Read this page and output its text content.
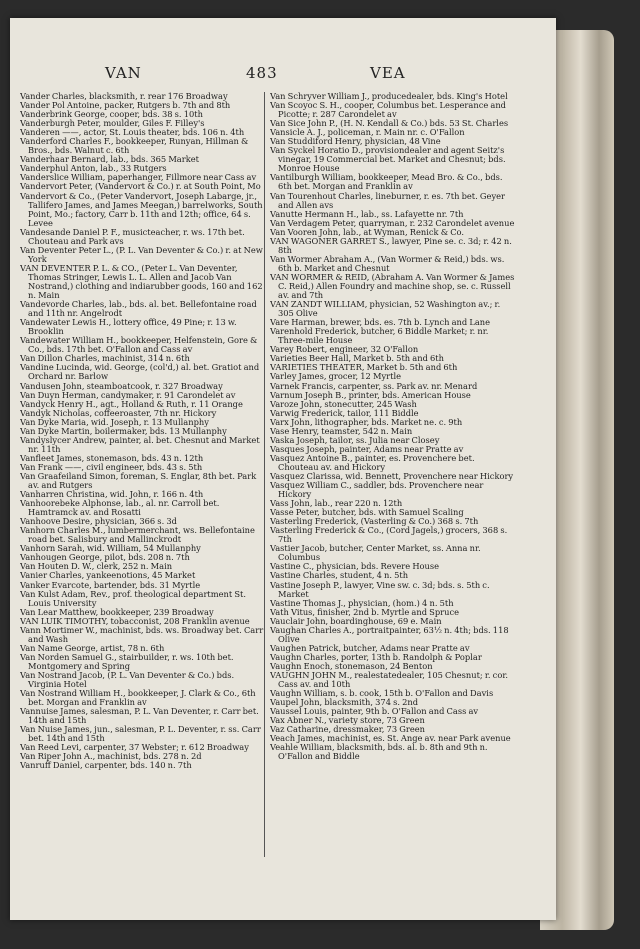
VAN	483	VEA
Vander Charles, blacksmith, r. rear 176 Broadway
Vander Pol Antoine, packer, Rutgers b. 7th and 8th
Vanderbrink George, cooper, bds. 38 s. 10th
Vanderburgh Peter, moulder, Giles F. Filley's
Vanderen ——, actor, St. Louis theater, bds. 106 n. 4th
Vanderford Charles F., bookkeeper, Runyan, Hillman & Bros., bds. Walnut c. 6th
Vanderhaar Bernard, lab., bds. 365 Market
Vanderphul Anton, lab., 33 Rutgers
Vanderslice William, paperhanger, Fillmore near Cass av
Vandervort Peter, (Vandervort & Co.) r. at South Point, Mo
Vandervort & Co., (Peter Vandervort, Joseph Labarge, jr., Tallifero James, and James Meegan,) barrelworks, South Point, Mo.; factory, Carr b. 11th and 12th; office, 64 s. Levee
Vandesande Daniel P. F., musicteacher, r. ws. 17th bet. Chouteau and Park avs
Van Deventer Peter L., (P. L. Van Deventer & Co.) r. at New York
VAN DEVENTER P. L. & CO., (Peter L. Van Deventer, Thomas Stringer, Lewis L. L. Allen and Jacob Van Nostrand,) clothing and indiarubber goods, 160 and 162 n. Main
Vandevorde Charles, lab., bds. al. bet. Bellefontaine road and 11th nr. Angelrodt
Vandewater Lewis H., lottery office, 49 Pine; r. 13 w. Brooklin
Vandewater William H., bookkeeper, Helfenstein, Gore & Co., bds. 17th bet. O'Fallon and Cass av
Van Dillon Charles, machinist, 314 n. 6th
Vandine Lucinda, wid. George, (col'd,) al. bet. Gratiot and Orchard nr. Barlow
Vandusen John, steamboatcook, r. 327 Broadway
Van Duyn Herman, candymaker, r. 91 Carondelet av
Vandyck Henry H., agt., Holland & Ruth, r. 11 Orange
Vandyk Nicholas, coffeeroaster, 7th nr. Hickory
Van Dyke Maria, wid. Joseph, r. 13 Mullanphy
Van Dyke Martin, boilermaker, bds. 13 Mullanphy
Vandyslycer Andrew, painter, al. bet. Chesnut and Market nr. 11th
Vanfleet James, stonemason, bds. 43 n. 12th
Van Frank ——, civil engineer, bds. 43 s. 5th
Van Graafeiland Simon, foreman, S. Englar, 8th bet. Park av. and Rutgers
Vanharren Christina, wid. John, r. 166 n. 4th
Vanhoorebeke Alphonse, lab., al. nr. Carroll bet. Hamtramck av. and Rosatti
Vanhoove Desire, physician, 366 s. 3d
Vanhorn Charles M., lumbermerchant, ws. Bellefontaine road bet. Salisbury and Mallinckrodt
Vanhorn Sarah, wid. William, 54 Mullanphy
Vanhougen George, pilot, bds. 208 n. 7th
Van Houten D. W., clerk, 252 n. Main
Vanier Charles, yankeenotions, 45 Market
Vanker Evarcote, bartender, bds. 31 Myrtle
Van Kulst Adam, Rev., prof. theological department St. Louis University
Van Lear Matthew, bookkeeper, 239 Broadway
VAN LUIK TIMOTHY, tobacconist, 208 Franklin avenue
Vann Mortimer W., machinist, bds. ws. Broadway bet. Carr and Wash
Van Name George, artist, 78 n. 6th
Van Norden Samuel G., stairbuilder, r. ws. 10th bet. Montgomery and Spring
Van Nostrand Jacob, (P. L. Van Deventer & Co.) bds. Virginia Hotel
Van Nostrand William H., bookkeeper, J. Clark & Co., 6th bet. Morgan and Franklin av
Vannuise James, salesman, P. L. Van Deventer, r. Carr bet. 14th and 15th
Van Nuise James, jun., salesman, P. L. Deventer, r. ss. Carr bet. 14th and 15th
Van Reed Levi, carpenter, 37 Webster; r. 612 Broadway
Van Riper John A., machinist, bds. 278 n. 2d
Vanruff Daniel, carpenter, bds. 140 n. 7th
Van Schryver William J., producedealer, bds. King's Hotel
Van Scoyoc S. H., cooper, Columbus bet. Lesperance and Picotte; r. 287 Carondelet av
Van Sice John P., (H. N. Kendall & Co.) bds. 53 St. Charles
Vansicle A. J., policeman, r. Main nr. c. O'Fallon
Van Studdiford Henry, physician, 48 Vine
Van Syckel Horatio D., provisiondealer and agent Seitz's vinegar, 19 Commercial bet. Market and Chesnut; bds. Monroe House
Vantilburgh William, bookkeeper, Mead Bro. & Co., bds. 6th bet. Morgan and Franklin av
Van Tourenhout Charles, lineburner, r. es. 7th bet. Geyer and Allen avs
Vanutte Hermann H., lab., ss. Lafayette nr. 7th
Van Verdagem Peter, quarryman, r. 232 Carondelet avenue
Van Vooren John, lab., at Wyman, Renick & Co.
VAN WAGONER GARRET S., lawyer, Pine se. c. 3d; r. 42 n. 8th
Van Wormer Abraham A., (Van Wormer & Reid,) bds. ws. 6th b. Market and Chesnut
VAN WORMER & REID, (Abraham A. Van Wormer & James C. Reid,) Allen Foundry and machine shop, se. c. Russell av. and 7th
VAN ZANDT WILLIAM, physician, 52 Washington av.; r. 305 Olive
Vare Harman, brewer, bds. es. 7th b. Lynch and Lane
Varenhold Frederick, butcher, 6 Biddle Market; r. nr. Three-mile House
Varey Robert, engineer, 32 O'Fallon
Varieties Beer Hall, Market b. 5th and 6th
VARIETIES THEATER, Market b. 5th and 6th
Varley James, grocer, 12 Myrtle
Varnek Francis, carpenter, ss. Park av. nr. Menard
Varnum Joseph B., printer, bds. American House
Varoze John, stonecutter, 245 Wash
Varwig Frederick, tailor, 111 Biddle
Varx John, lithographer, bds. Market ne. c. 9th
Vase Henry, teamster, 542 n. Main
Vaska Joseph, tailor, ss. Julia near Closey
Vasques Joseph, painter, Adams near Pratte av
Vasquez Antoine B., painter, es. Provenchere bet. Chouteau av. and Hickory
Vasquez Clarissa, wid. Bennett, Provenchere near Hickory
Vasquez William C., saddler, bds. Provenchere near Hickory
Vass John, lab., rear 220 n. 12th
Vasse Peter, butcher, bds. with Samuel Scaling
Vasterling Frederick, (Vasterling & Co.) 368 s. 7th
Vasterling Frederick & Co., (Cord Jagels,) grocers, 368 s. 7th
Vastier Jacob, butcher, Center Market, ss. Anna nr. Columbus
Vastine C., physician, bds. Revere House
Vastine Charles, student, 4 n. 5th
Vastine Joseph P., lawyer, Vine sw. c. 3d; bds. s. 5th c. Market
Vastine Thomas J., physician, (hom.) 4 n. 5th
Vath Vitus, finisher, 2nd b. Myrtle and Spruce
Vauclair John, boardinghouse, 69 e. Main
Vaughan Charles A., portraitpainter, 63½ n. 4th; bds. 118 Olive
Vaughen Patrick, butcher, Adams near Pratte av
Vaughn Charles, porter, 13th b. Randolph & Poplar
Vaughn Enoch, stonemason, 24 Benton
VAUGHN JOHN M., realestatedealer, 105 Chesnut; r. cor. Cass av. and 10th
Vaughn William, s. b. cook, 15th b. O'Fallon and Davis
Vaupel John, blacksmith, 374 s. 2nd
Vaussel Louis, painter, 9th b. O'Fallon and Cass av
Vax Abner N., variety store, 73 Green
Vaz Catharine, dressmaker, 73 Green
Veach James, machinist, es. St. Ange av. near Park avenue
Veahle William, blacksmith, bds. al. b. 8th and 9th n. O'Fallon and Biddle
